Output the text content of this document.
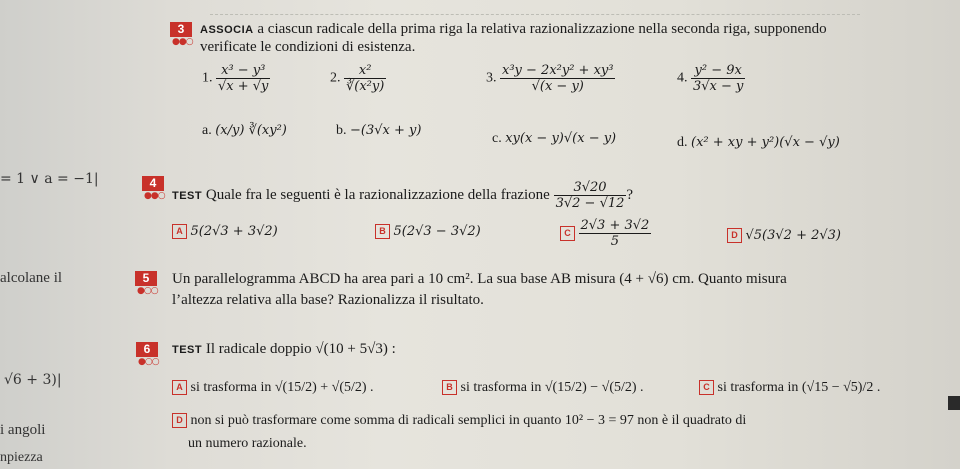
3
●●○
ASSOCIA a ciascun radicale della prima riga la relativa razionalizzazione nella seconda riga, supponendo
verificate le condizioni di esistenza.
1. $\frac{\text{x³ − y³}}{√x + √y}$	2. $\frac{\text{x²}}{\text{∛(x²y)}}$	3. $\frac{\text{x³y − 2x²y² + xy³}}{√(x - y)}$	4. $\frac{\text{y² − 9x}}{3√x - y}$
a. (x/y) ∛(xy²)	b. −(3√x + y)
c. xy(x − y)√(x − y)	d. (x² + xy + y²)(√x − √y)
4
●●○ TEST Quale fra le seguenti è la razionalizzazione della frazione $\frac{3√20}{3√2 - √12}$ ?
A 5(2√3 + 3√2)	B 5(2√3 − 3√2)	C $\frac{2√3 + 3√2}{5}$	D √5(3√2 + 2√3)
5
●○○
Un parallelogramma ABCD ha area pari a 10 cm². La sua base AB misura (4 + √6) cm. Quanto misura
l’altezza relativa alla base? Razionalizza il risultato.
6
●○○
TEST Il radicale doppio √(10 + 5√3) :
A si trasforma in √(15/2) + √(5/2) .	B si trasforma in √(15/2) − √(5/2) .	C si trasforma in (√15 − √5)/2 .
D non si può trasformare come somma di radicali semplici in quanto 10² − 3 = 97 non è il quadrato di
un numero razionale.
= 1 ∨ a = −1|
alcolane il
√6 + 3)|
i angoli
npiezza
